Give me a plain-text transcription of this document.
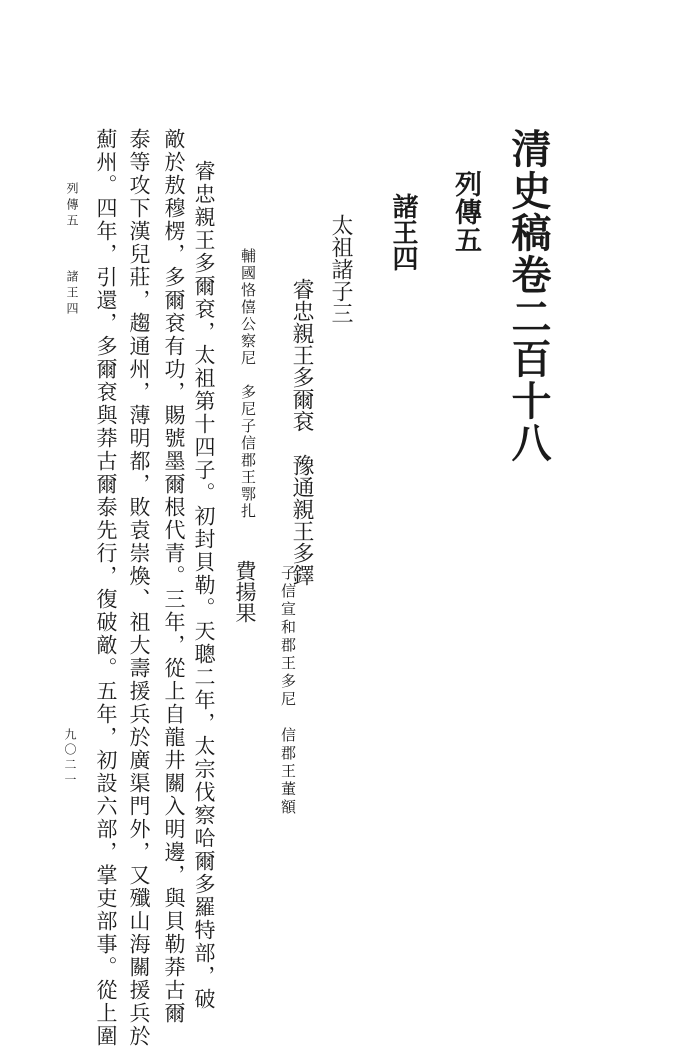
清史稿卷二百十八
列傳五
諸王四
太祖諸子三
睿忠親王多爾袞　豫通親王多鐸
子信宣和郡王多尼　信郡王董額
輔國恪僖公察尼　多尼子信郡王鄂扎
費揚果
睿忠親王多爾袞，太祖第十四子。初封貝勒。天聰二年，太宗伐察哈爾多羅特部，破
敵於敖穆楞，多爾袞有功，賜號墨爾根代青。三年，從上自龍井關入明邊，與貝勒莽古爾
泰等攻下漢兒莊，趨通州，薄明都，敗袁崇煥、祖大壽援兵於廣渠門外，又殲山海關援兵於
薊州。四年，引還，多爾袞與莽古爾泰先行，復破敵。五年，初設六部，掌吏部事。從上圍
列傳五
諸王四
九〇二一
